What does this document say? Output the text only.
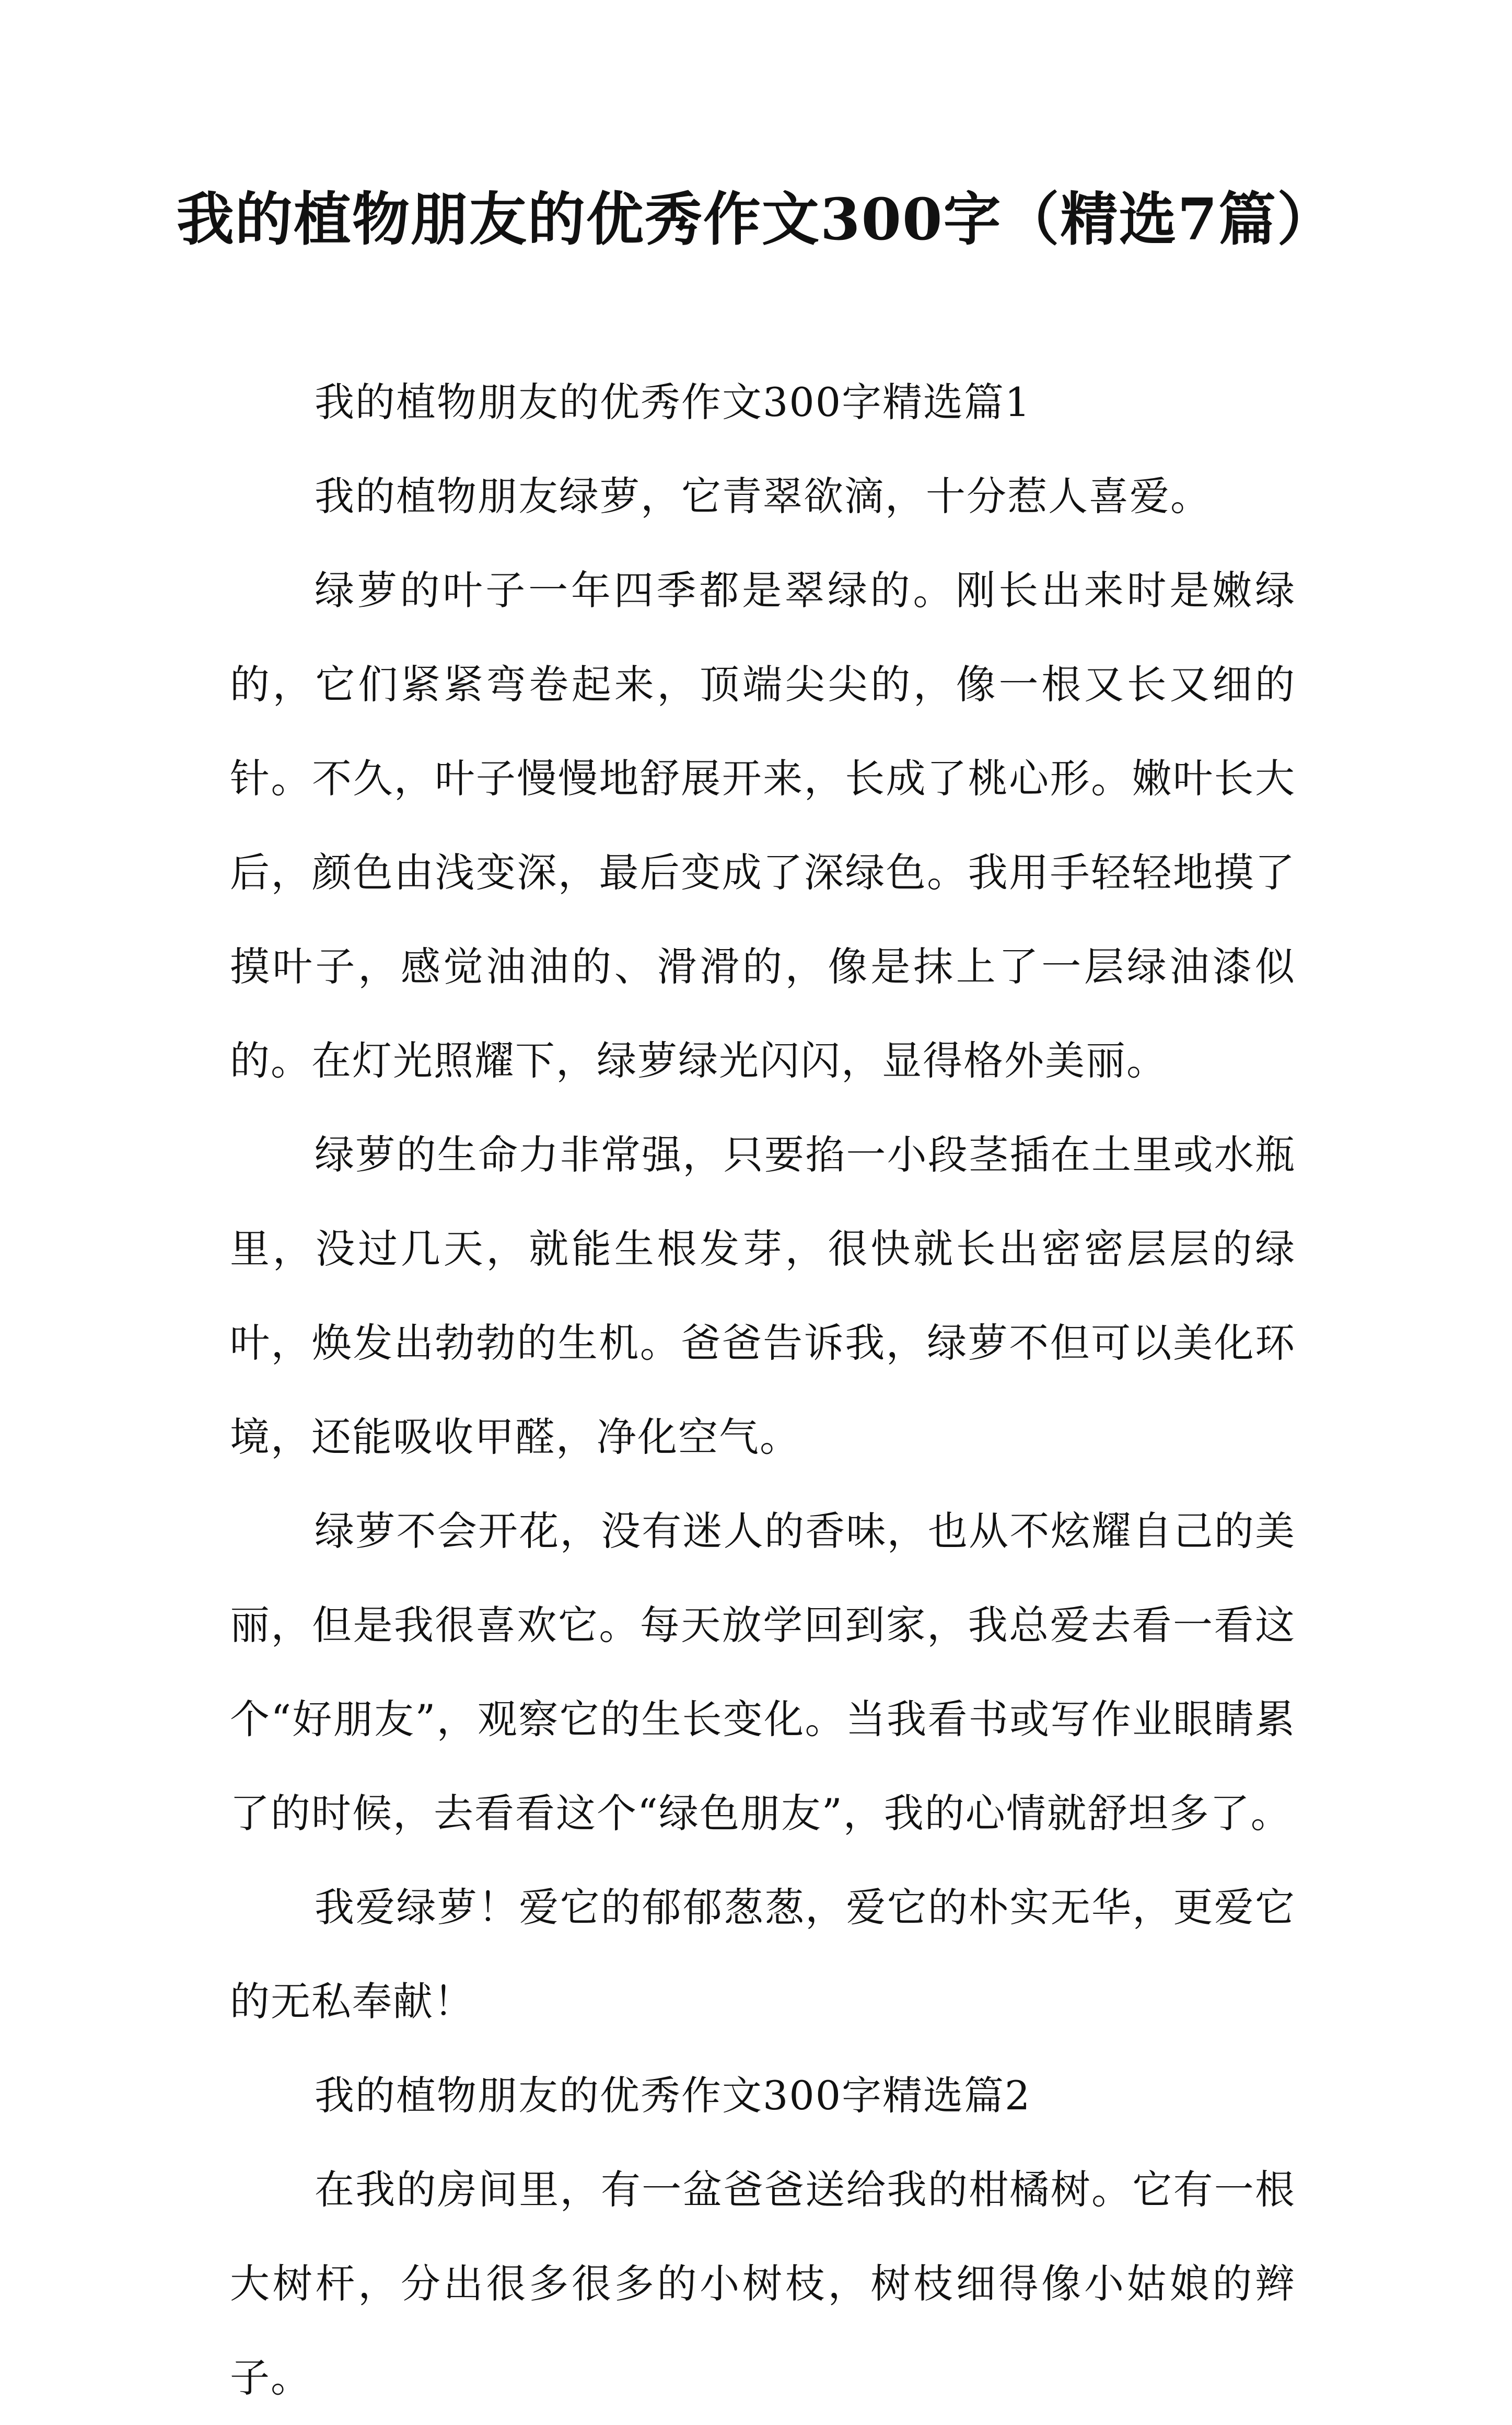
我的植物朋友的优秀作文300字（精选7篇）

我的植物朋友的优秀作文300字精选篇1

我的植物朋友绿萝，它青翠欲滴，十分惹人喜爱。

绿萝的叶子一年四季都是翠绿的。刚长出来时是嫩绿的，它们紧紧弯卷起来，顶端尖尖的，像一根又长又细的针。不久，叶子慢慢地舒展开来，长成了桃心形。嫩叶长大后，颜色由浅变深，最后变成了深绿色。我用手轻轻地摸了摸叶子，感觉油油的、滑滑的，像是抹上了一层绿油漆似的。在灯光照耀下，绿萝绿光闪闪，显得格外美丽。

绿萝的生命力非常强，只要掐一小段茎插在土里或水瓶里，没过几天，就能生根发芽，很快就长出密密层层的绿叶，焕发出勃勃的生机。爸爸告诉我，绿萝不但可以美化环境，还能吸收甲醛，净化空气。

绿萝不会开花，没有迷人的香味，也从不炫耀自己的美丽，但是我很喜欢它。每天放学回到家，我总爱去看一看这个“好朋友”，观察它的生长变化。当我看书或写作业眼睛累了的时候，去看看这个“绿色朋友”，我的心情就舒坦多了。

我爱绿萝！爱它的郁郁葱葱，爱它的朴实无华，更爱它的无私奉献！

我的植物朋友的优秀作文300字精选篇2

在我的房间里，有一盆爸爸送给我的柑橘树。它有一根大树杆，分出很多很多的小树枝，树枝细得像小姑娘的辫子。
